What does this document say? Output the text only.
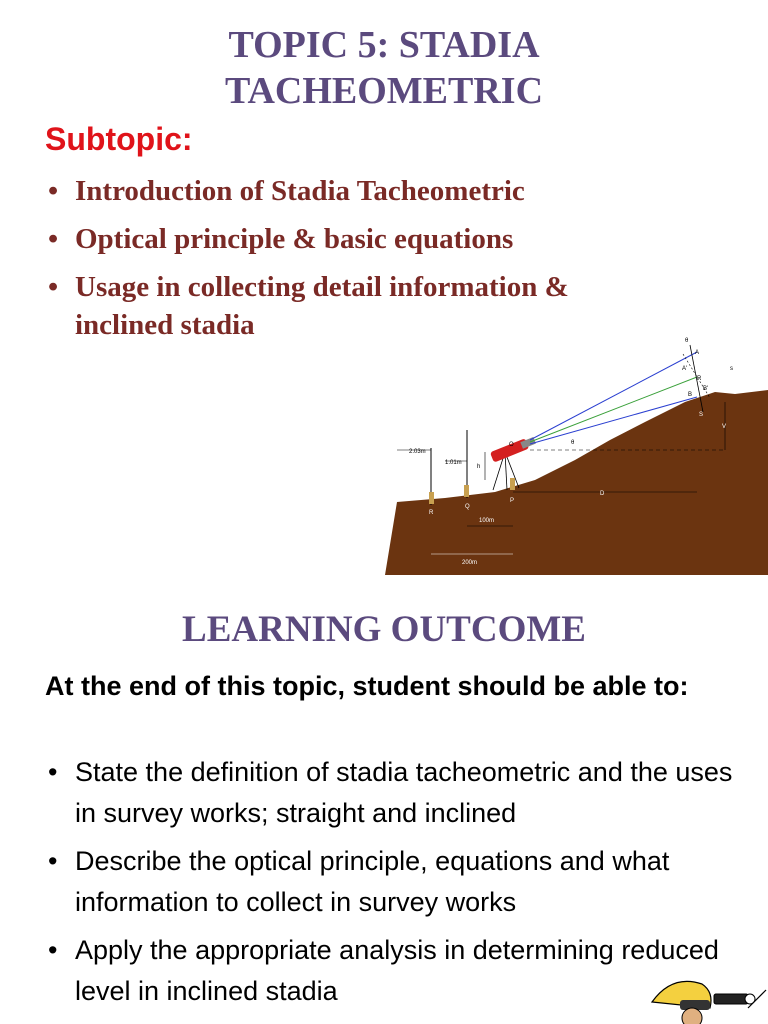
TOPIC 5: STADIA
TACHEOMETRIC
Subtopic:
• Introduction of Stadia Tacheometric
• Optical principle & basic equations
• Usage in collecting detail information & inclined stadia
2.03m
1.01m
h
R
Q
P
O
D
100m
200m
A
A'
R
B'
B
S
V
s
θ
θ
LEARNING OUTCOME
At the end of this topic, student should be able to:
• State the definition of stadia tacheometric and the uses in survey works; straight and inclined
• Describe the optical principle, equations and what information to collect in survey works
• Apply the appropriate analysis in determining reduced level in inclined stadia
